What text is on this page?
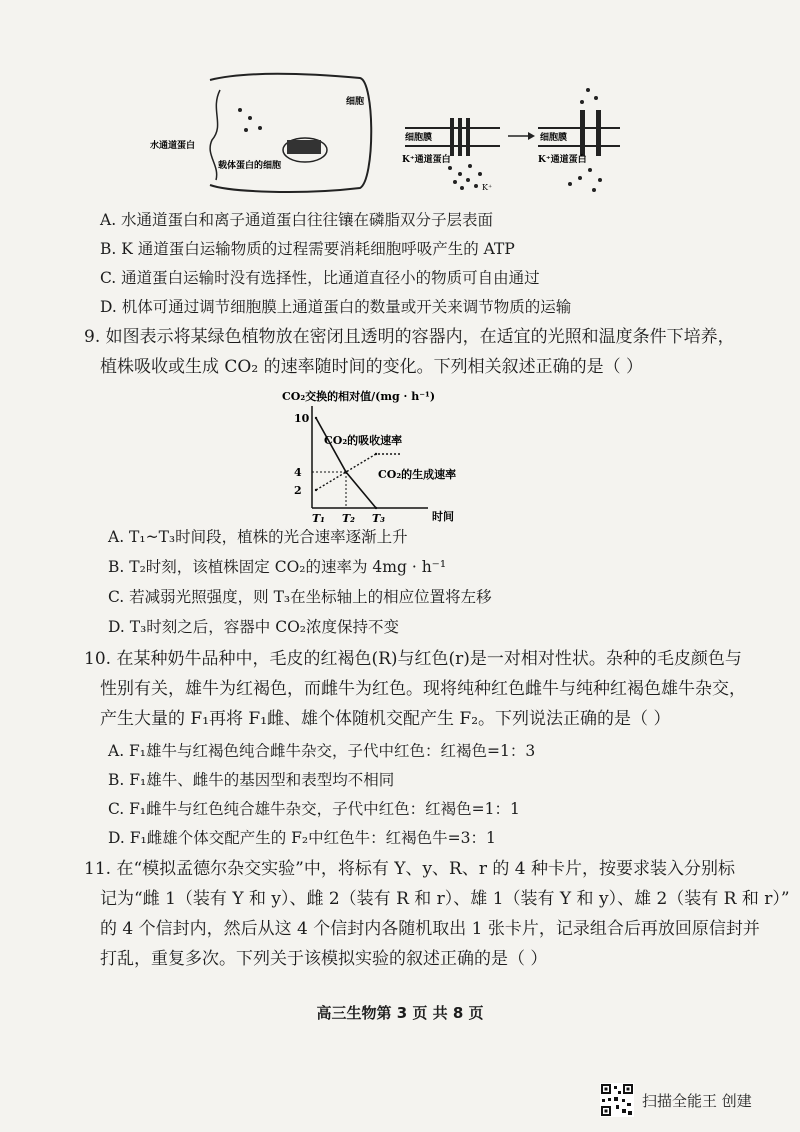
水通道蛋白
载体蛋白的细胞
细胞
细胞膜
K⁺通道蛋白
K⁺
细胞膜
K⁺通道蛋白
A. 水通道蛋白和离子通道蛋白往往镶在磷脂双分子层表面
B. K 通道蛋白运输物质的过程需要消耗细胞呼吸产生的 ATP
C. 通道蛋白运输时没有选择性，比通道直径小的物质可自由通过
D. 机体可通过调节细胞膜上通道蛋白的数量或开关来调节物质的运输
9. 如图表示将某绿色植物放在密闭且透明的容器内，在适宜的光照和温度条件下培养，
植株吸收或生成 CO₂ 的速率随时间的变化。下列相关叙述正确的是（ ）
CO₂交换的相对值/(mg · h⁻¹)
10
4
2
T₁ T₂ T₃
CO₂的吸收速率
CO₂的生成速率
时间
A. T₁~T₃时间段，植株的光合速率逐渐上升
B. T₂时刻，该植株固定 CO₂的速率为 4mg · h⁻¹
C. 若减弱光照强度，则 T₃在坐标轴上的相应位置将左移
D. T₃时刻之后，容器中 CO₂浓度保持不变
10. 在某种奶牛品种中，毛皮的红褐色(R)与红色(r)是一对相对性状。杂种的毛皮颜色与
性别有关，雄牛为红褐色，而雌牛为红色。现将纯种红色雌牛与纯种红褐色雄牛杂交，
产生大量的 F₁再将 F₁雌、雄个体随机交配产生 F₂。下列说法正确的是（ ）
A. F₁雄牛与红褐色纯合雌牛杂交，子代中红色：红褐色=1：3
B. F₁雄牛、雌牛的基因型和表型均不相同
C. F₁雌牛与红色纯合雄牛杂交，子代中红色：红褐色=1：1
D. F₁雌雄个体交配产生的 F₂中红色牛：红褐色牛=3：1
11. 在“模拟孟德尔杂交实验”中，将标有 Y、y、R、r 的 4 种卡片，按要求装入分别标
记为“雌 1（装有 Y 和 y）、雌 2（装有 R 和 r）、雄 1（装有 Y 和 y）、雄 2（装有 R 和 r）”
的 4 个信封内，然后从这 4 个信封内各随机取出 1 张卡片，记录组合后再放回原信封并
打乱，重复多次。下列关于该模拟实验的叙述正确的是（ ）
高三生物第 3 页 共 8 页
扫描全能王 创建
